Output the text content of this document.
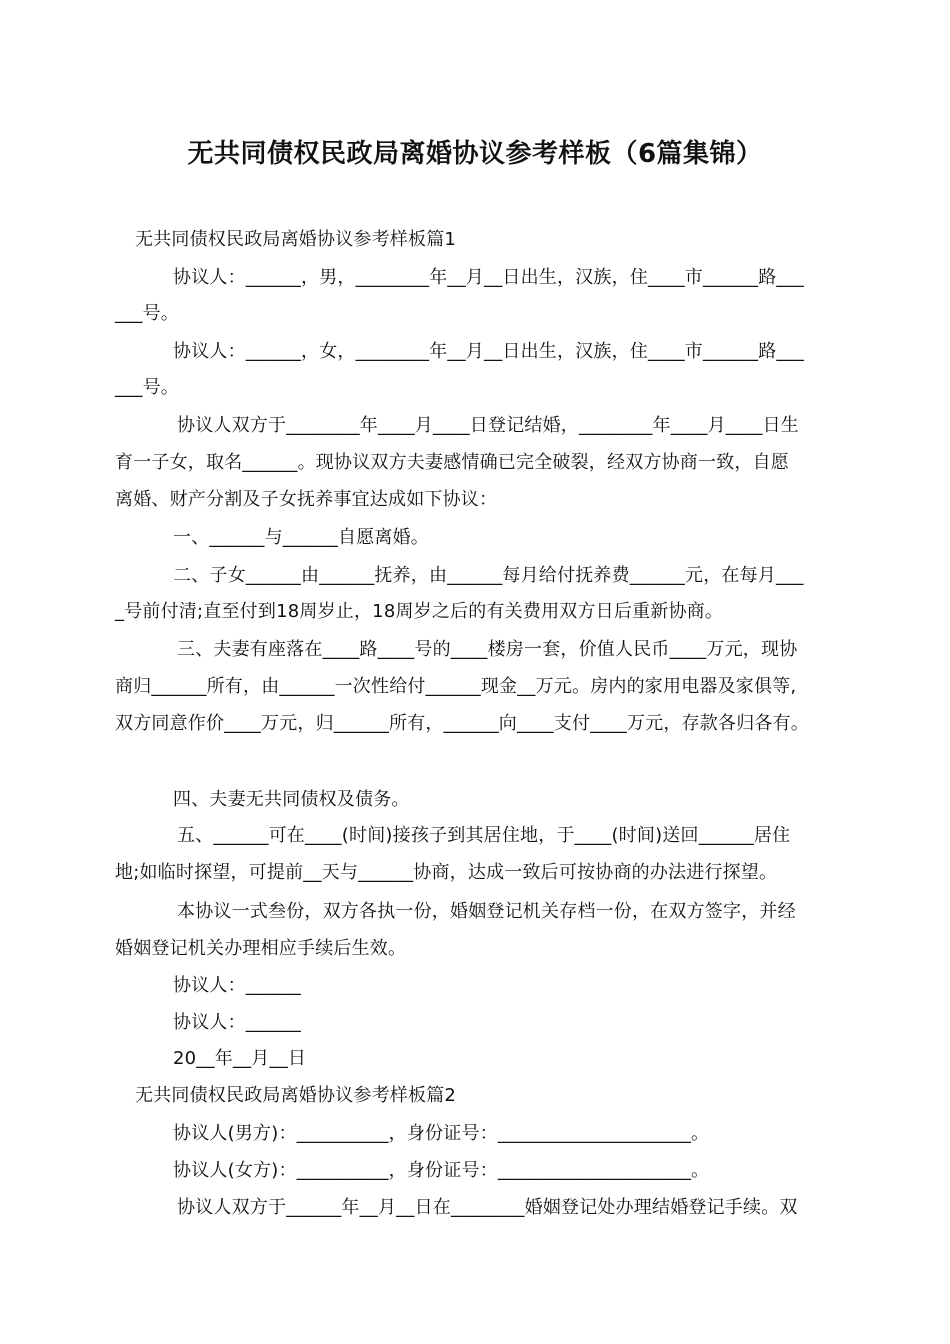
无共同债权民政局离婚协议参考样板（6篇集锦）
无共同债权民政局离婚协议参考样板篇1
协议人：______，男，________年__月__日出生，汉族，住____市______路___
___号。
协议人：______，女，________年__月__日出生，汉族，住____市______路___
___号。
协议人双方于________年____月____日登记结婚，________年____月____日生
育一子女，取名______。现协议双方夫妻感情确已完全破裂，经双方协商一致，自愿
离婚、财产分割及子女抚养事宜达成如下协议：
一、______与______自愿离婚。
二、子女______由______抚养，由______每月给付抚养费______元，在每月___
_号前付清;直至付到18周岁止，18周岁之后的有关费用双方日后重新协商。
三、夫妻有座落在____路____号的____楼房一套，价值人民币____万元，现协
商归______所有，由______一次性给付______现金__万元。房内的家用电器及家俱等,
双方同意作价____万元，归______所有，______向____支付____万元，存款各归各有。
四、夫妻无共同债权及债务。
五、______可在____(时间)接孩子到其居住地，于____(时间)送回______居住
地;如临时探望，可提前__天与______协商，达成一致后可按协商的办法进行探望。
本协议一式叁份，双方各执一份，婚姻登记机关存档一份，在双方签字，并经
婚姻登记机关办理相应手续后生效。
协议人：______
协议人：______
20__年__月__日
无共同债权民政局离婚协议参考样板篇2
协议人(男方)：__________，身份证号：_____________________。
协议人(女方)：__________，身份证号：_____________________。
协议人双方于______年__月__日在________婚姻登记处办理结婚登记手续。双
